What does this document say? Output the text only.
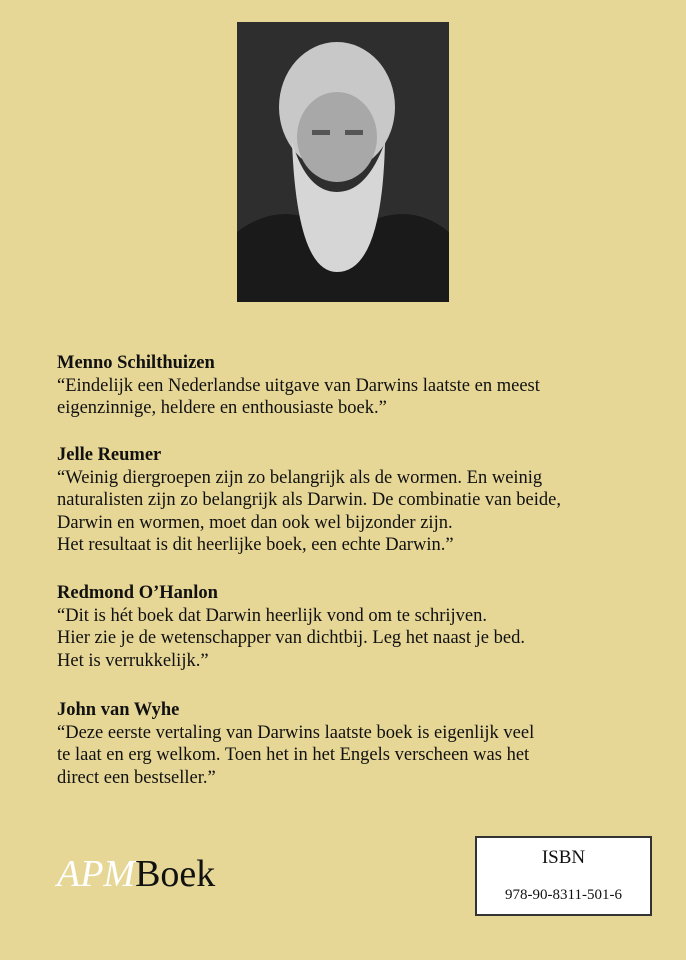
Menno Schilthuizen
“Eindelijk een Nederlandse uitgave van Darwins laatste en meest
eigenzinnige, heldere en enthousiaste boek.”
Jelle Reumer
“Weinig diergroepen zijn zo belangrijk als de wormen. En weinig
naturalisten zijn zo belangrijk als Darwin. De combinatie van beide,
Darwin en wormen, moet dan ook wel bijzonder zijn.
Het resultaat is dit heerlijke boek, een echte Darwin.”
Redmond O’Hanlon
“Dit is hét boek dat Darwin heerlijk vond om te schrijven.
Hier zie je de wetenschapper van dichtbij. Leg het naast je bed.
Het is verrukkelijk.”
John van Wyhe
“Deze eerste vertaling van Darwins laatste boek is eigenlijk veel
te laat en erg welkom. Toen het in het Engels verscheen was het
direct een bestseller.”
APMBoek	ISBN
978-90-8311-501-6
